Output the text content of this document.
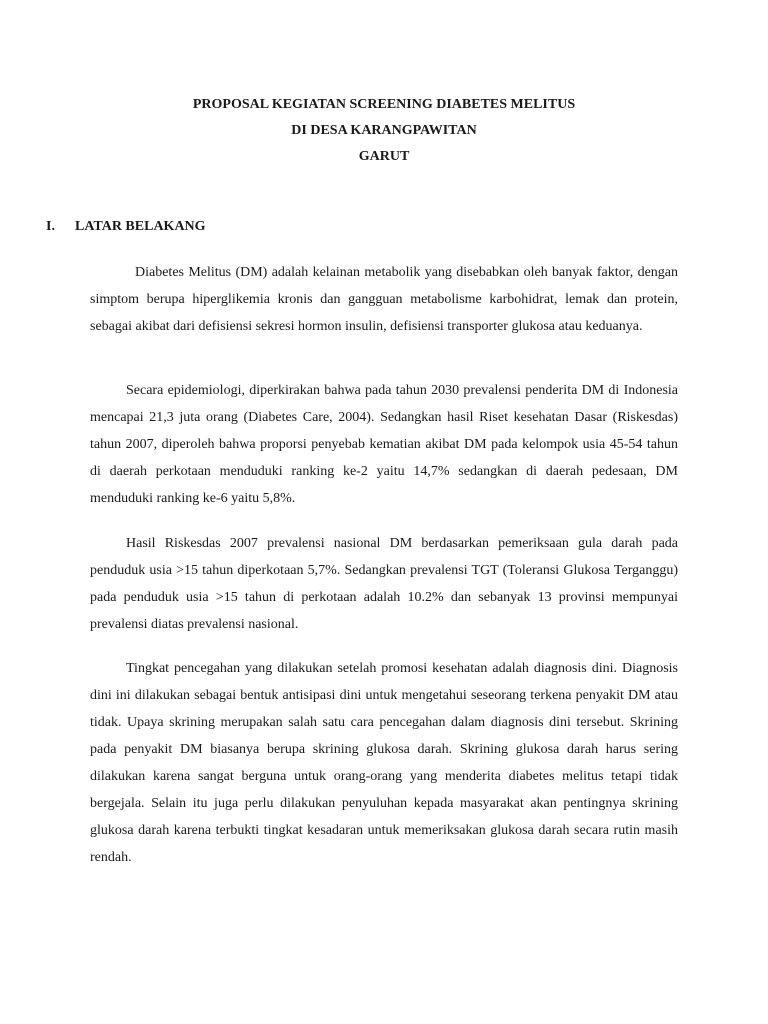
PROPOSAL KEGIATAN SCREENING DIABETES MELITUS
DI DESA KARANGPAWITAN
GARUT
I. LATAR BELAKANG

Diabetes Melitus (DM) adalah kelainan metabolik yang disebabkan oleh banyak faktor, dengan simptom berupa hiperglikemia kronis dan gangguan metabolisme karbohidrat, lemak dan protein, sebagai akibat dari defisiensi sekresi hormon insulin, defisiensi transporter glukosa atau keduanya.

Secara epidemiologi, diperkirakan bahwa pada tahun 2030 prevalensi penderita DM di Indonesia mencapai 21,3 juta orang (Diabetes Care, 2004). Sedangkan hasil Riset kesehatan Dasar (Riskesdas) tahun 2007, diperoleh bahwa proporsi penyebab kematian akibat DM pada kelompok usia 45-54 tahun di daerah perkotaan menduduki ranking ke-2 yaitu 14,7% sedangkan di daerah pedesaan, DM menduduki ranking ke-6 yaitu 5,8%.

Hasil Riskesdas 2007 prevalensi nasional DM berdasarkan pemeriksaan gula darah pada penduduk usia >15 tahun diperkotaan 5,7%. Sedangkan prevalensi TGT (Toleransi Glukosa Terganggu) pada penduduk usia >15 tahun di perkotaan adalah 10.2% dan sebanyak 13 provinsi mempunyai prevalensi diatas prevalensi nasional.

Tingkat pencegahan yang dilakukan setelah promosi kesehatan adalah diagnosis dini. Diagnosis dini ini dilakukan sebagai bentuk antisipasi dini untuk mengetahui seseorang terkena penyakit DM atau tidak. Upaya skrining merupakan salah satu cara pencegahan dalam diagnosis dini tersebut. Skrining pada penyakit DM biasanya berupa skrining glukosa darah. Skrining glukosa darah harus sering dilakukan karena sangat berguna untuk orang-orang yang menderita diabetes melitus tetapi tidak bergejala. Selain itu juga perlu dilakukan penyuluhan kepada masyarakat akan pentingnya skrining glukosa darah karena terbukti tingkat kesadaran untuk memeriksakan glukosa darah secara rutin masih rendah.
